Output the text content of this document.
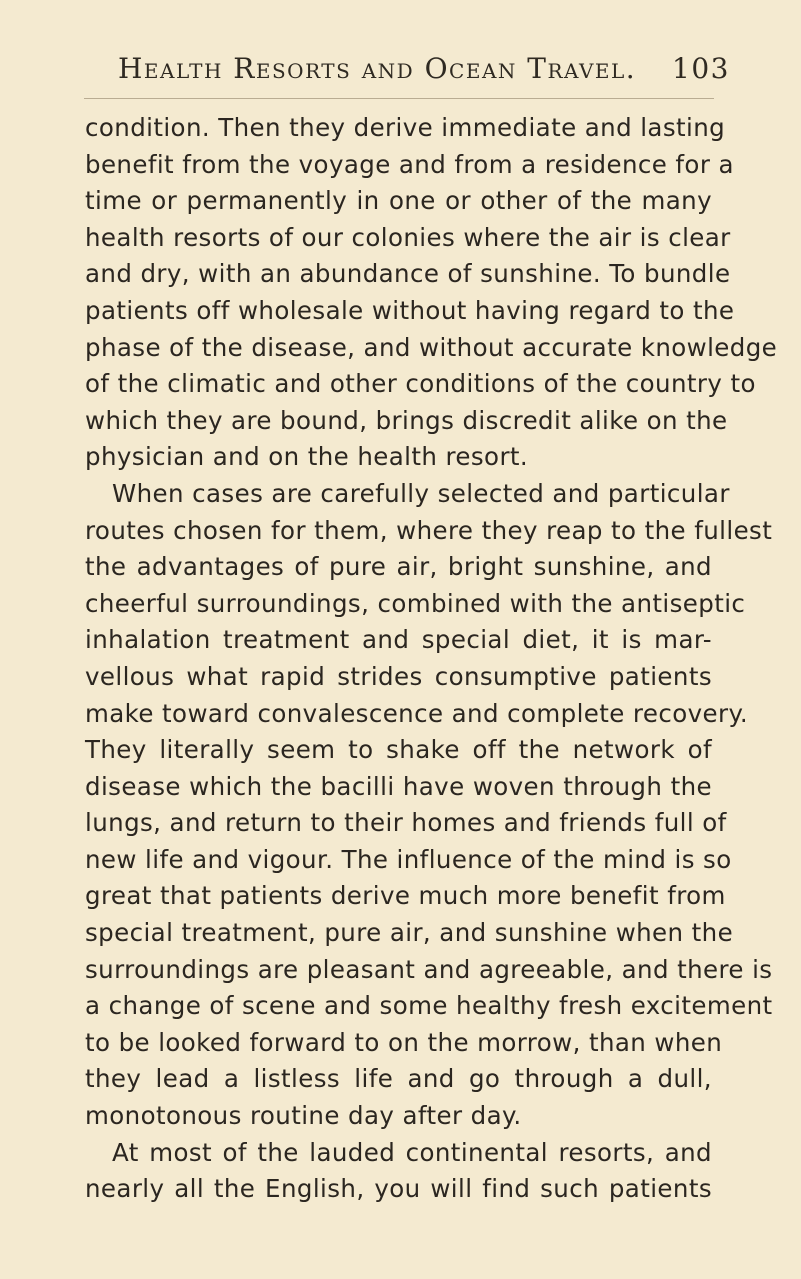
Health Resorts and Ocean Travel. 103
condition. Then they derive immediate and lasting
benefit from the voyage and from a residence for a
time or permanently in one or other of the many
health resorts of our colonies where the air is clear
and dry, with an abundance of sunshine. To bundle
patients off wholesale without having regard to the
phase of the disease, and without accurate knowledge
of the climatic and other conditions of the country to
which they are bound, brings discredit alike on the
physician and on the health resort.
When cases are carefully selected and particular
routes chosen for them, where they reap to the fullest
the advantages of pure air, bright sunshine, and
cheerful surroundings, combined with the antiseptic
inhalation treatment and special diet, it is mar-
vellous what rapid strides consumptive patients
make toward convalescence and complete recovery.
They literally seem to shake off the network of
disease which the bacilli have woven through the
lungs, and return to their homes and friends full of
new life and vigour. The influence of the mind is so
great that patients derive much more benefit from
special treatment, pure air, and sunshine when the
surroundings are pleasant and agreeable, and there is
a change of scene and some healthy fresh excitement
to be looked forward to on the morrow, than when
they lead a listless life and go through a dull,
monotonous routine day after day.
At most of the lauded continental resorts, and
nearly all the English, you will find such patients
